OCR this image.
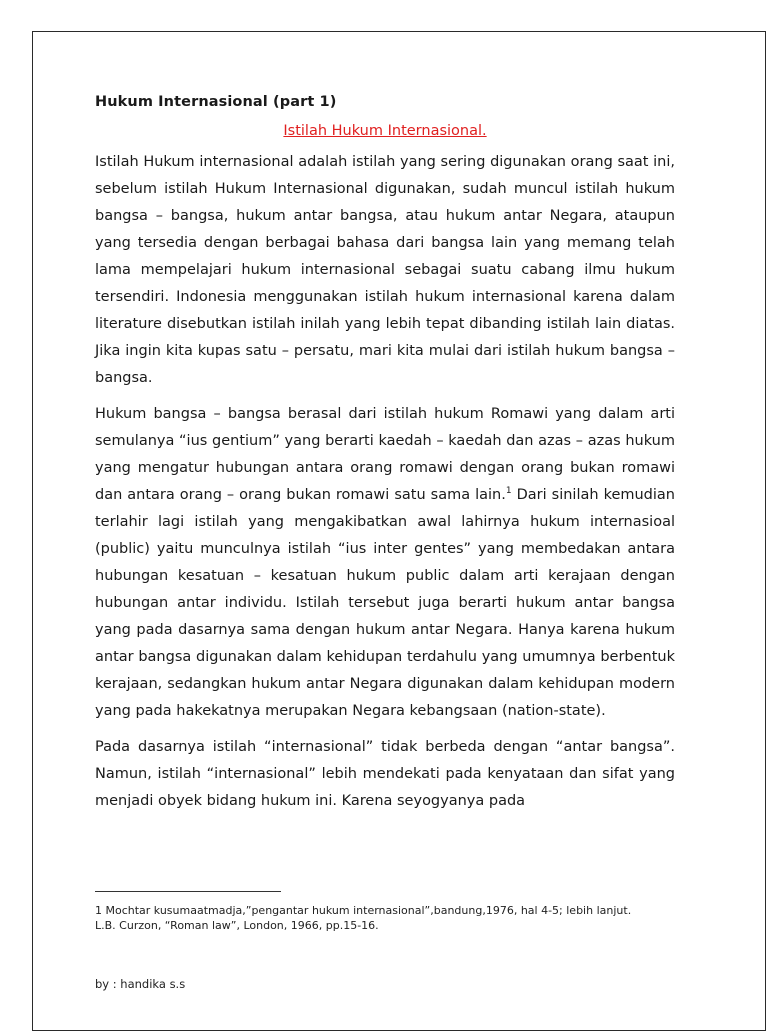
Hukum Internasional (part 1)
Istilah Hukum Internasional.

Istilah Hukum internasional adalah istilah yang sering digunakan orang saat ini, sebelum istilah Hukum Internasional digunakan, sudah muncul istilah hukum bangsa – bangsa, hukum antar bangsa, atau hukum antar Negara, ataupun yang tersedia dengan berbagai bahasa dari bangsa lain yang memang telah lama mempelajari hukum internasional sebagai suatu cabang ilmu hukum tersendiri. Indonesia menggunakan istilah hukum internasional karena dalam literature disebutkan istilah inilah yang lebih tepat dibanding istilah lain diatas. Jika ingin kita kupas satu – persatu, mari kita mulai dari istilah hukum bangsa – bangsa.

Hukum bangsa – bangsa berasal dari istilah hukum Romawi yang dalam arti semulanya “ius gentium” yang berarti kaedah – kaedah dan azas – azas hukum yang mengatur hubungan antara orang romawi dengan orang bukan romawi dan antara orang – orang bukan romawi satu sama lain.$^1$ Dari sinilah kemudian terlahir lagi istilah yang mengakibatkan awal lahirnya hukum internasioal (public) yaitu munculnya istilah “ius inter gentes” yang membedakan antara hubungan kesatuan – kesatuan hukum public dalam arti kerajaan dengan hubungan antar individu. Istilah tersebut juga berarti hukum antar bangsa yang pada dasarnya sama dengan hukum antar Negara. Hanya karena hukum antar bangsa digunakan dalam kehidupan terdahulu yang umumnya berbentuk kerajaan, sedangkan hukum antar Negara digunakan dalam kehidupan modern yang pada hakekatnya merupakan Negara kebangsaan (nation-state).

Pada dasarnya istilah “internasional” tidak berbeda dengan “antar bangsa”. Namun, istilah “internasional” lebih mendekati pada kenyataan dan sifat yang menjadi obyek bidang hukum ini. Karena seyogyanya pada

1 Mochtar kusumaatmadja,”pengantar hukum internasional”,bandung,1976, hal 4-5; lebih lanjut.
L.B. Curzon, “Roman law”, London, 1966, pp.15-16.
by : handika s.s
